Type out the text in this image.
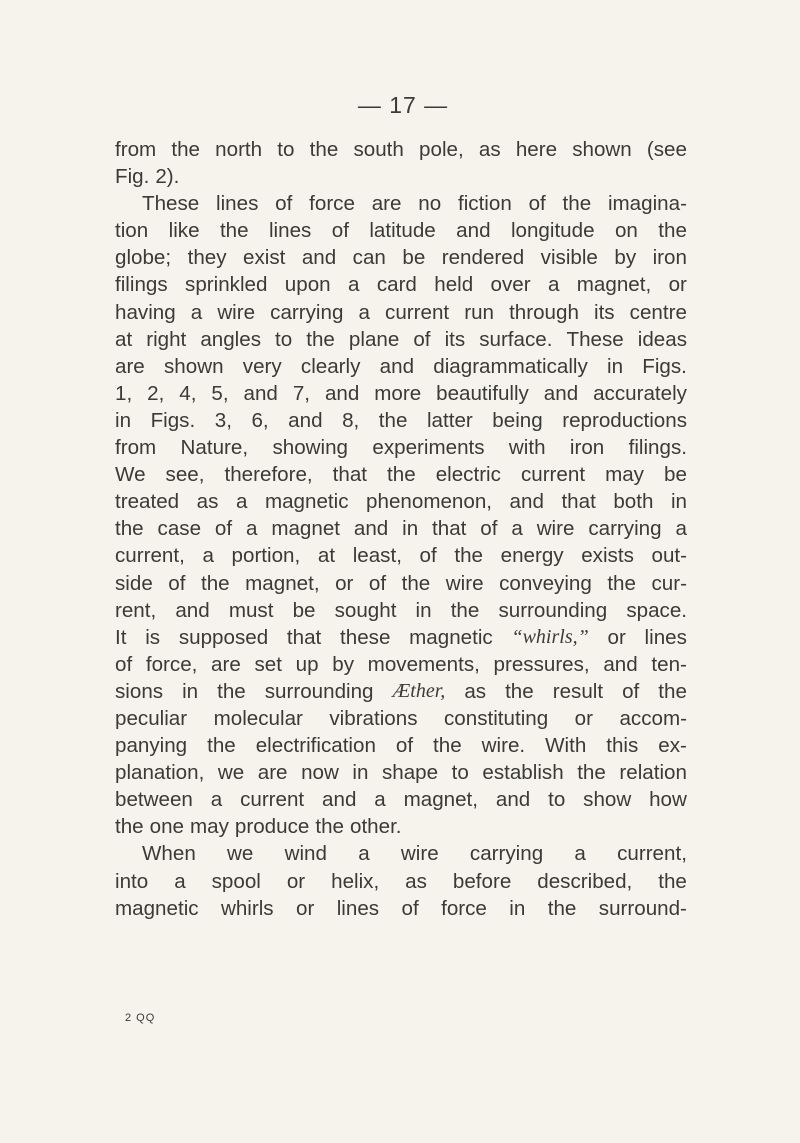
— 17 —
from the north to the south pole, as here shown (see
Fig. 2).
These lines of force are no fiction of the imagina-
tion like the lines of latitude and longitude on the
globe; they exist and can be rendered visible by iron
filings sprinkled upon a card held over a magnet, or
having a wire carrying a current run through its centre
at right angles to the plane of its surface. These ideas
are shown very clearly and diagrammatically in Figs.
1, 2, 4, 5, and 7, and more beautifully and accurately
in Figs. 3, 6, and 8, the latter being reproductions
from Nature, showing experiments with iron filings.
We see, therefore, that the electric current may be
treated as a magnetic phenomenon, and that both in
the case of a magnet and in that of a wire carrying a
current, a portion, at least, of the energy exists out-
side of the magnet, or of the wire conveying the cur-
rent, and must be sought in the surrounding space.
It is supposed that these magnetic “whirls,” or lines
of force, are set up by movements, pressures, and ten-
sions in the surrounding Æther, as the result of the
peculiar molecular vibrations constituting or accom-
panying the electrification of the wire. With this ex-
planation, we are now in shape to establish the relation
between a current and a magnet, and to show how
the one may produce the other.
When we wind a wire carrying a current,
into a spool or helix, as before described, the
magnetic whirls or lines of force in the surround-
2 QQ
